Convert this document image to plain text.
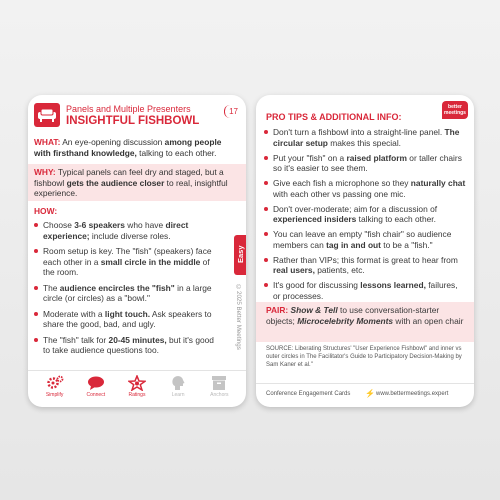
Panels and Multiple Presenters
INSIGHTFUL FISHBOWL
17
WHAT: An eye-opening discussion among people with firsthand knowledge, talking to each other.
WHY: Typical panels can feel dry and staged, but a fishbowl gets the audience closer to real, insightful experience.
HOW:
Choose 3-6 speakers who have direct experience; include diverse roles.
Room setup is key. The "fish" (speakers) face each other in a small circle in the middle of the room.
The audience encircles the "fish" in a large circle (or circles) as a "bowl."
Moderate with a light touch. Ask speakers to share the good, bad, and ugly.
The "fish" talk for 20-45 minutes, but it's good to take audience questions too.
Easy
©2025 Better Meetings
Simplify	Connect	Ratings	Learn	Anchors
better
meetings
PRO TIPS & ADDITIONAL INFO:
Don't turn a fishbowl into a straight-line panel. The circular setup makes this special.
Put your "fish" on a raised platform or taller chairs so it's easier to see them.
Give each fish a microphone so they naturally chat with each other vs passing one mic.
Don't over-moderate; aim for a discussion of experienced insiders talking to each other.
You can leave an empty "fish chair" so audience members can tag in and out to be a "fish."
Rather than VIPs; this format is great to hear from real users, patients, etc.
It's good for discussing lessons learned, failures, or processes.
PAIR: Show & Tell to use conversation-starter objects; Microcelebrity Moments with an open chair
SOURCE: Liberating Structures' "User Experience Fishbowl" and inner vs outer circles in The Facilitator's Guide to Participatory Decision-Making by Sam Kaner et al."
Conference Engagement Cards ⚡ www.bettermeetings.expert
